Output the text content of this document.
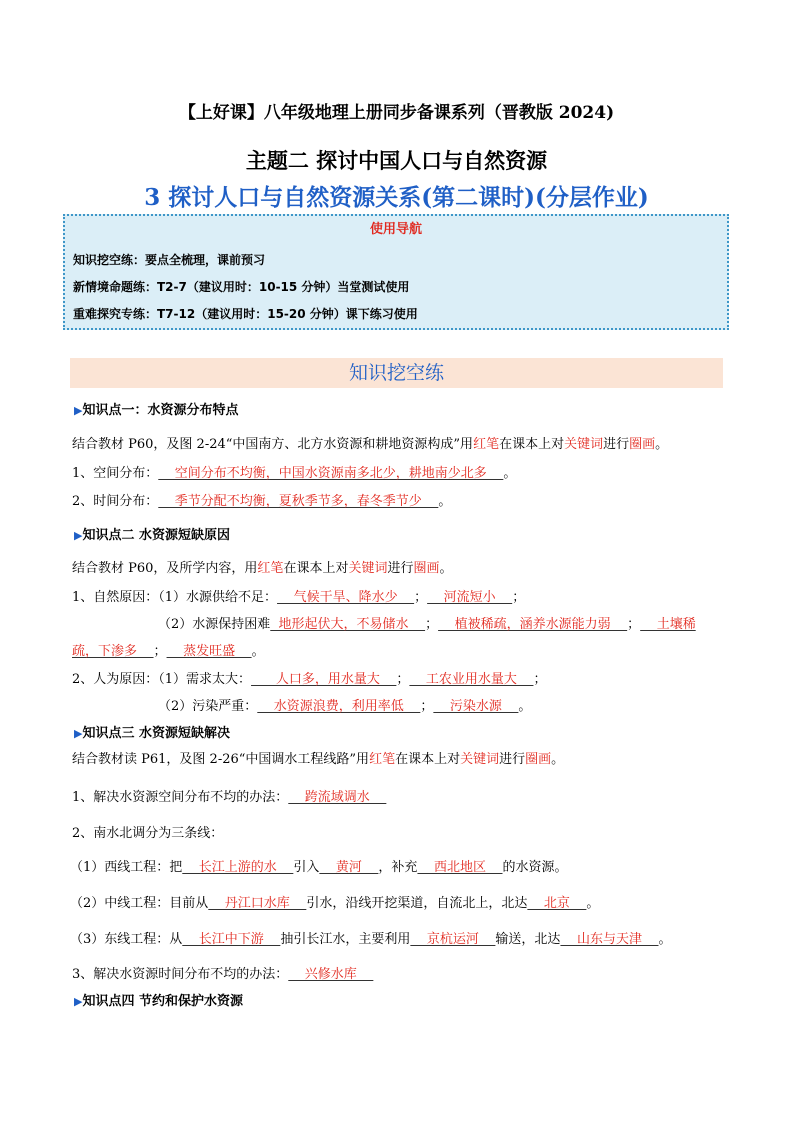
【上好课】八年级地理上册同步备课系列（晋教版 2024)
主题二 探讨中国人口与自然资源
3 探讨人口与自然资源关系(第二课时)(分层作业)
使用导航
知识挖空练：要点全梳理，课前预习
新情境命题练：T2-7（建议用时：10-15 分钟）当堂测试使用
重难探究专练：T7-12（建议用时：15-20 分钟）课下练习使用
知识挖空练
▶知识点一：水资源分布特点
结合教材 P60，及图 2-24“中国南方、北方水资源和耕地资源构成”用红笔在课本上对关键词进行圈画。
1、空间分布：    空间分布不均衡，中国水资源南多北少，耕地南少北多    。
2、时间分布：    季节分配不均衡，夏秋季节多，春冬季节少    。
▶知识点二 水资源短缺原因
结合教材 P60，及所学内容，用红笔在课本上对关键词进行圈画。
1、自然原因：（1）水源供给不足：    气候干旱、降水少    ；    河流短小    ；
（2）水源保持困难  地形起伏大，不易储水    ；    植被稀疏，涵养水源能力弱    ；    土壤稀
疏，下渗多    ；    蒸发旺盛    。
2、人为原因：（1）需求太大：      人口多，用水量大    ；    工农业用水量大    ；
（2）污染严重：    水资源浪费，利用率低    ；    污染水源    。
▶知识点三 水资源短缺解决
结合教材读 P61，及图 2-26“中国调水工程线路”用红笔在课本上对关键词进行圈画。
1、解决水资源空间分布不均的办法：    跨流域调水
2、南水北调分为三条线：
（1）西线工程：把    长江上游的水    引入    黄河    ，补充    西北地区    的水资源。
（2）中线工程：目前从    丹江口水库    引水，沿线开挖渠道，自流北上，北达    北京    。
（3）东线工程：从    长江中下游    抽引长江水，主要利用    京杭运河    输送，北达    山东与天津    。
3、解决水资源时间分布不均的办法：    兴修水库
▶知识点四 节约和保护水资源
